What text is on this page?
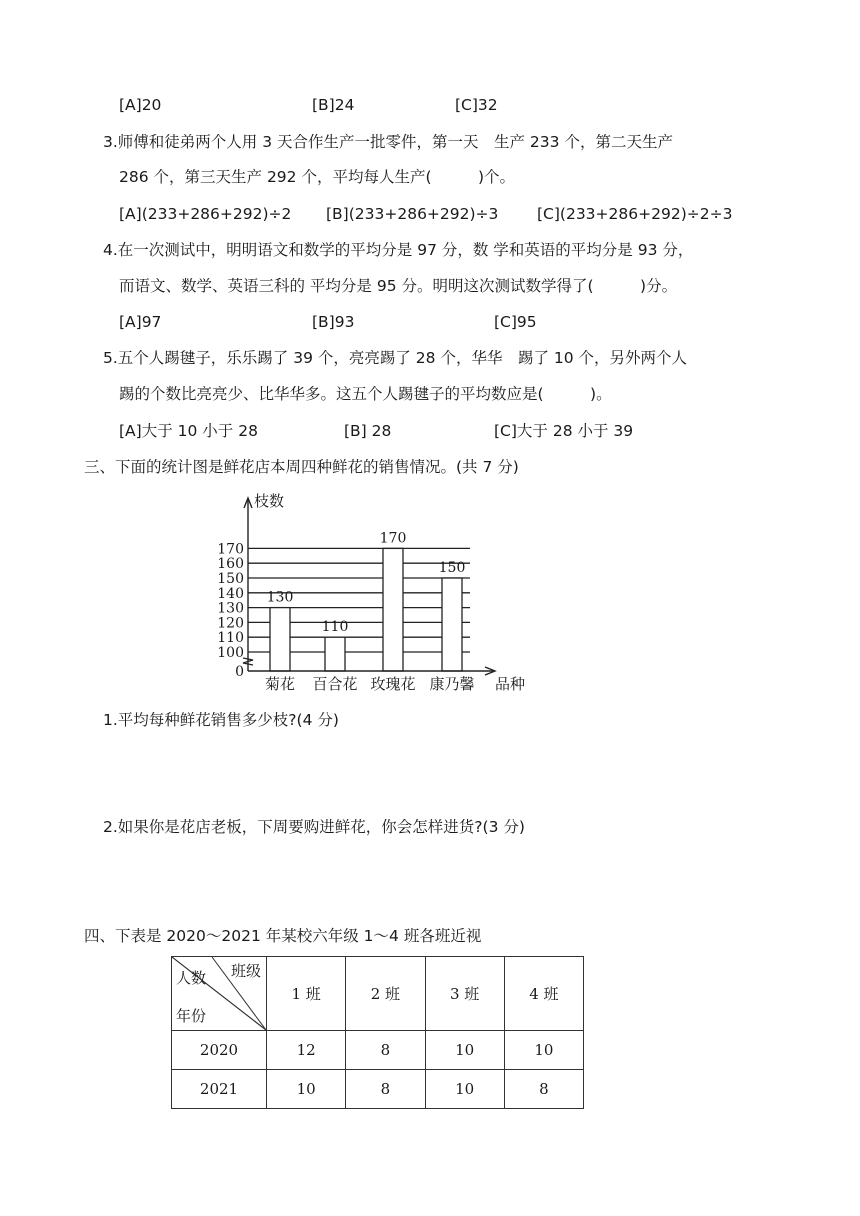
[A]20	[B]24	[C]32
3.师傅和徒弟两个人用 3 天合作生产一批零件，第一天　生产 233 个，第二天生产
286 个，第三天生产 292 个，平均每人生产(　　　)个。
[A](233+286+292)÷2 [B](233+286+292)÷3 [C](233+286+292)÷2÷3
4.在一次测试中，明明语文和数学的平均分是 97 分，数 学和英语的平均分是 93 分，
而语文、数学、英语三科的 平均分是 95 分。明明这次测试数学得了(　　　)分。
[A]97	[B]93	[C]95
5.五个人踢毽子，乐乐踢了 39 个，亮亮踢了 28 个，华华　踢了 10 个，另外两个人
踢的个数比亮亮少、比华华多。这五个人踢毽子的平均数应是(　　　)。
[A]大于 10 小于 28	[B] 28	[C]大于 28 小于 39
三、下面的统计图是鲜花店本周四种鲜花的销售情况。(共 7 分)
0
100
110
120
130
140
150
160
170
菊花 百合花 玫瑰花 康乃馨
130
110
170
150
枝数
品种
1.平均每种鲜花销售多少枝?(4 分)
2.如果你是花店老板，下周要购进鲜花，你会怎样进货?(3 分)
四、下表是 2020～2021 年某校六年级 1～4 班各班近视
班级
人数
年份	1 班	2 班	3 班	4 班
2020	12	8	10	10
2021	10	8	10	8
